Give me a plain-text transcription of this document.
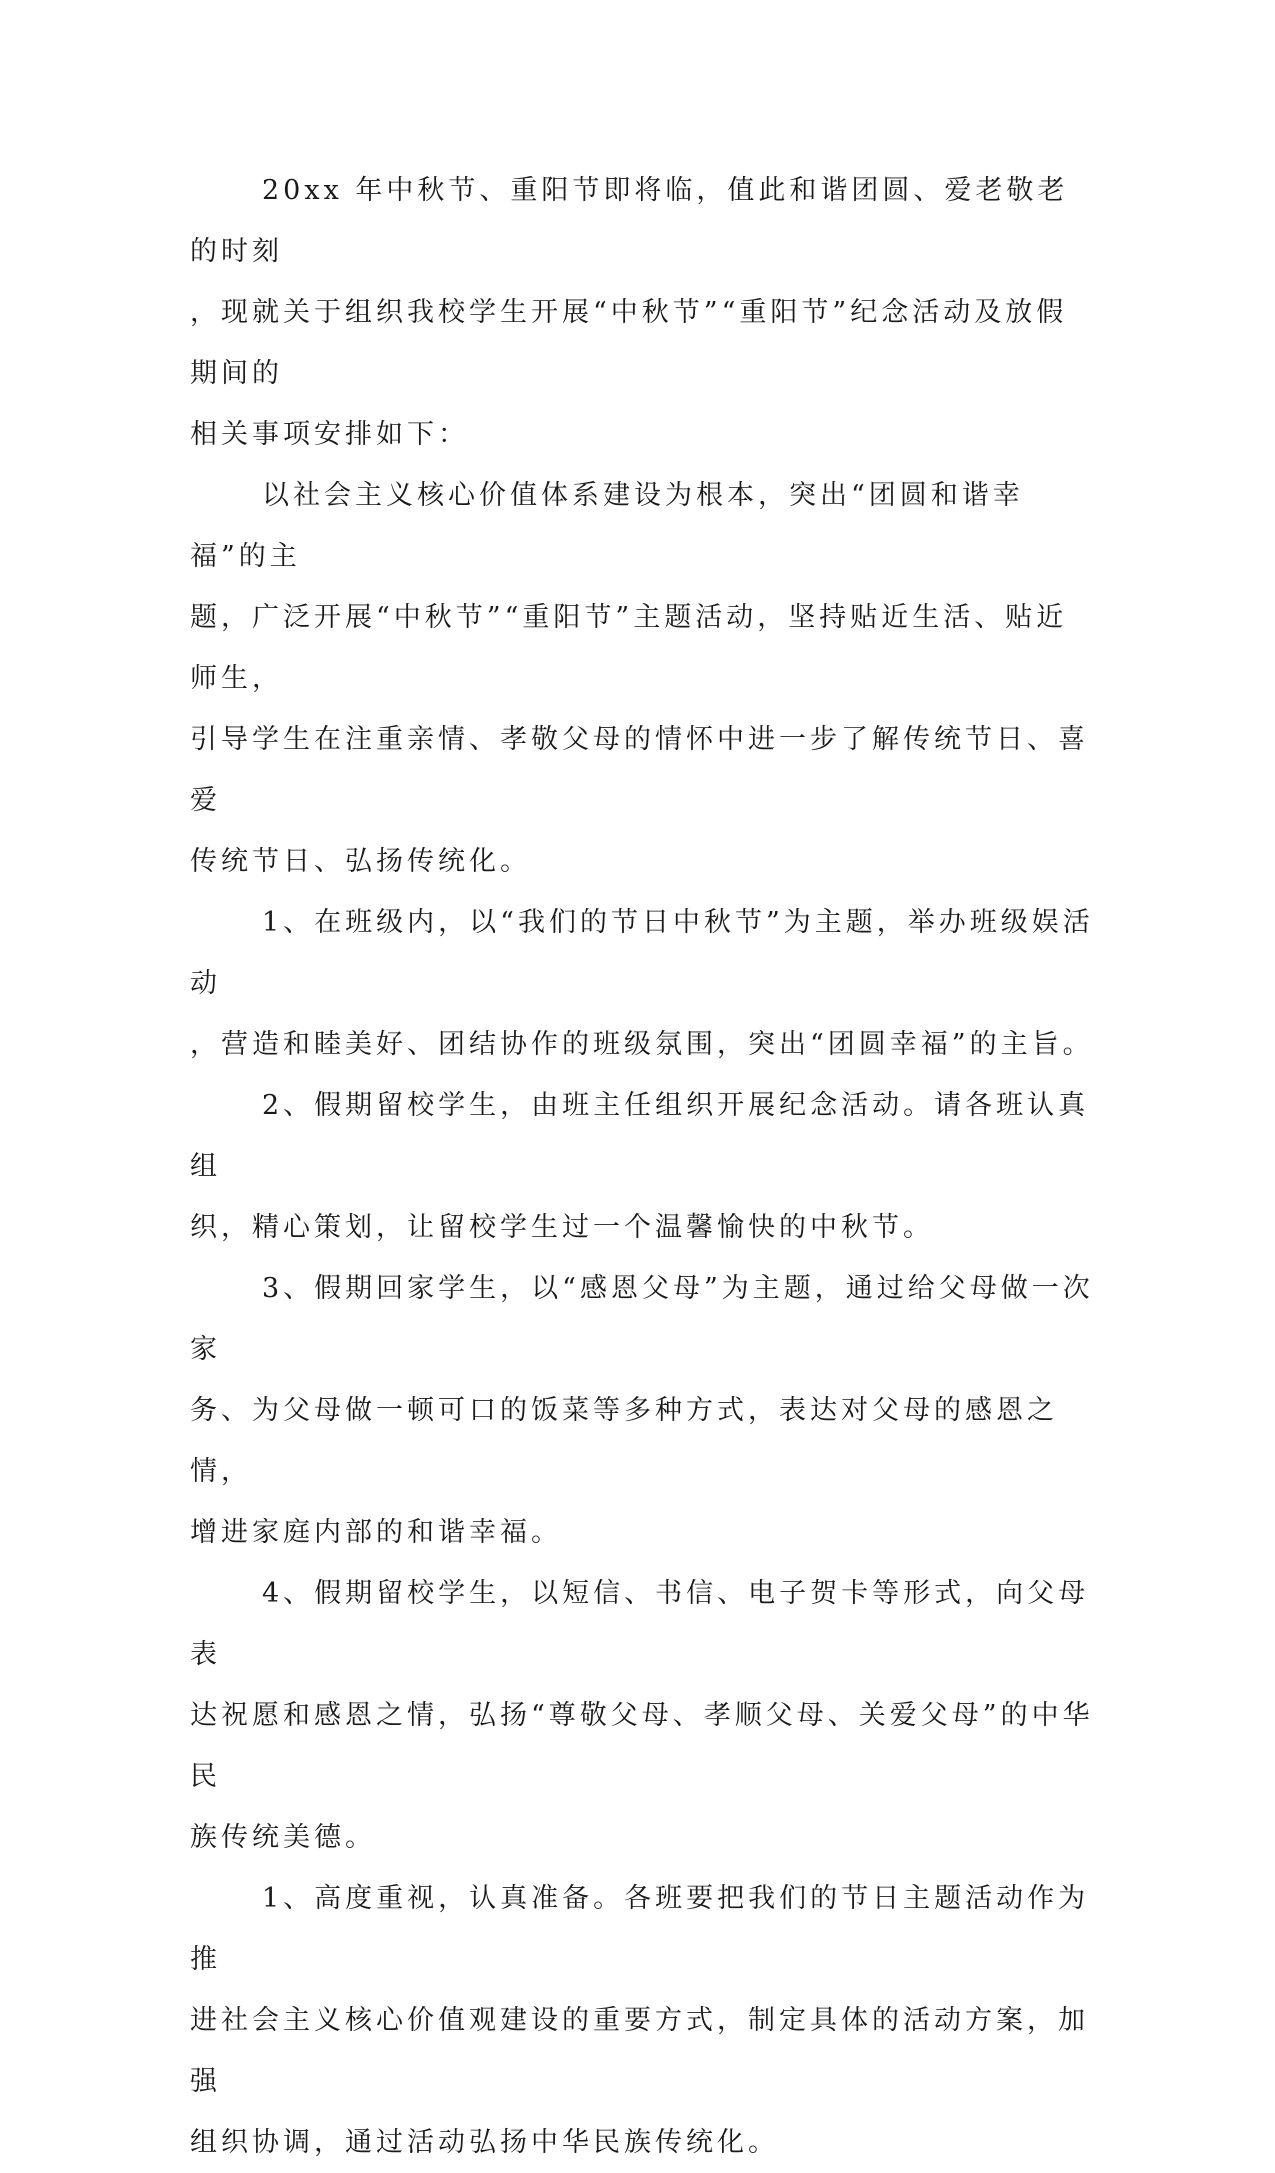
20xx 年中秋节、重阳节即将临，值此和谐团圆、爱老敬老的时刻
，现就关于组织我校学生开展“中秋节”“重阳节”纪念活动及放假期间的
相关事项安排如下：

以社会主义核心价值体系建设为根本，突出“团圆和谐幸福”的主
题，广泛开展“中秋节”“重阳节”主题活动，坚持贴近生活、贴近师生，
引导学生在注重亲情、孝敬父母的情怀中进一步了解传统节日、喜爱
传统节日、弘扬传统化。

1、在班级内，以“我们的节日中秋节”为主题，举办班级娱活动
，营造和睦美好、团结协作的班级氛围，突出“团圆幸福”的主旨。

2、假期留校学生，由班主任组织开展纪念活动。请各班认真组
织，精心策划，让留校学生过一个温馨愉快的中秋节。

3、假期回家学生，以“感恩父母”为主题，通过给父母做一次家
务、为父母做一顿可口的饭菜等多种方式，表达对父母的感恩之情，
增进家庭内部的和谐幸福。

4、假期留校学生，以短信、书信、电子贺卡等形式，向父母表
达祝愿和感恩之情，弘扬“尊敬父母、孝顺父母、关爱父母”的中华民
族传统美德。

1、高度重视，认真准备。各班要把我们的节日主题活动作为推
进社会主义核心价值观建设的重要方式，制定具体的活动方案，加强
组织协调，通过活动弘扬中华民族传统化。
